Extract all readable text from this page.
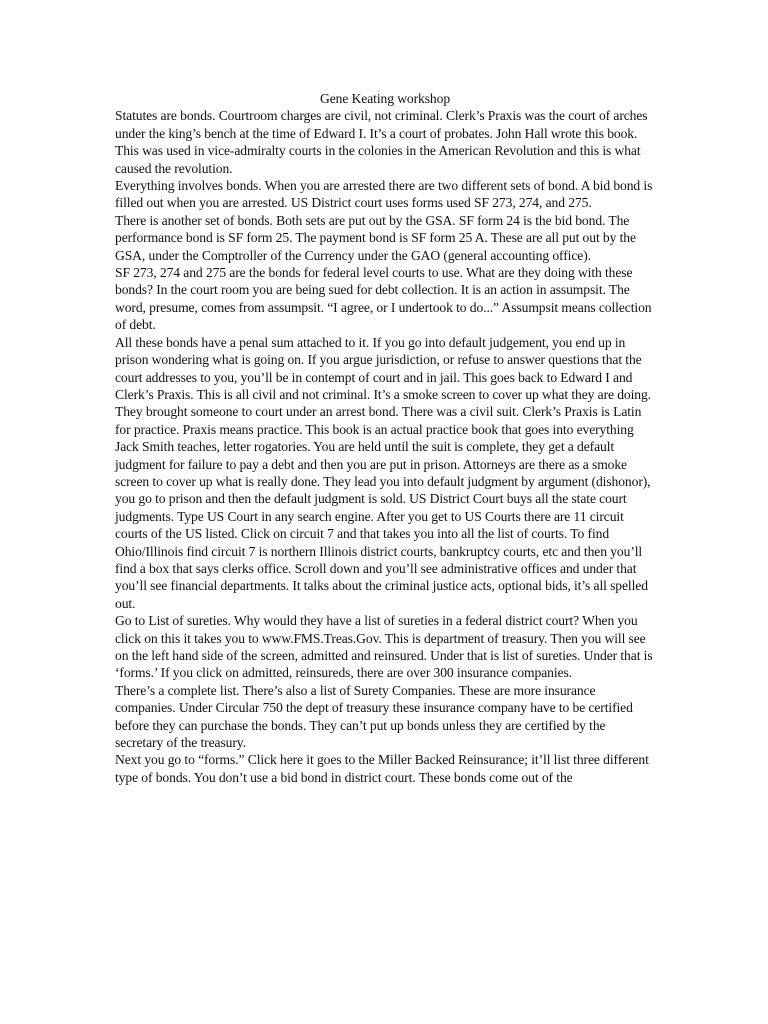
Gene Keating workshop

Statutes are bonds. Courtroom charges are civil, not criminal. Clerk’s Praxis was the court of arches under the king’s bench at the time of Edward I. It’s a court of probates. John Hall wrote this book. This was used in vice-admiralty courts in the colonies in the American Revolution and this is what caused the revolution.

Everything involves bonds. When you are arrested there are two different sets of bond. A bid bond is filled out when you are arrested. US District court uses forms used SF 273, 274, and 275.

There is another set of bonds. Both sets are put out by the GSA. SF form 24 is the bid bond. The performance bond is SF form 25. The payment bond is SF form 25 A. These are all put out by the GSA, under the Comptroller of the Currency under the GAO (general accounting office).

SF 273, 274 and 275 are the bonds for federal level courts to use. What are they doing with these bonds? In the court room you are being sued for debt collection. It is an action in assumpsit. The word, presume, comes from assumpsit. “I agree, or I undertook to do...” Assumpsit means collection of debt.

All these bonds have a penal sum attached to it. If you go into default judgement, you end up in prison wondering what is going on. If you argue jurisdiction, or refuse to answer questions that the court addresses to you, you’ll be in contempt of court and in jail. This goes back to Edward I and Clerk’s Praxis. This is all civil and not criminal. It’s a smoke screen to cover up what they are doing.

They brought someone to court under an arrest bond. There was a civil suit. Clerk’s Praxis is Latin for practice. Praxis means practice. This book is an actual practice book that goes into everything Jack Smith teaches, letter rogatories. You are held until the suit is complete, they get a default judgment for failure to pay a debt and then you are put in prison. Attorneys are there as a smoke screen to cover up what is really done. They lead you into default judgment by argument (dishonor), you go to prison and then the default judgment is sold. US District Court buys all the state court judgments. Type US Court in any search engine. After you get to US Courts there are 11 circuit courts of the US listed. Click on circuit 7 and that takes you into all the list of courts. To find Ohio/Illinois find circuit 7 is northern Illinois district courts, bankruptcy courts, etc and then you’ll find a box that says clerks office. Scroll down and you’ll see administrative offices and under that you’ll see financial departments. It talks about the criminal justice acts, optional bids, it’s all spelled out.

Go to List of sureties. Why would they have a list of sureties in a federal district court? When you click on this it takes you to www.FMS.Treas.Gov. This is department of treasury. Then you will see on the left hand side of the screen, admitted and reinsured. Under that is list of sureties. Under that is ‘forms.’ If you click on admitted, reinsureds, there are over 300 insurance companies.

There’s a complete list. There’s also a list of Surety Companies. These are more insurance companies. Under Circular 750 the dept of treasury these insurance company have to be certified before they can purchase the bonds. They can’t put up bonds unless they are certified by the secretary of the treasury.

Next you go to “forms.” Click here it goes to the Miller Backed Reinsurance; it’ll list three different type of bonds. You don’t use a bid bond in district court. These bonds come out of the
